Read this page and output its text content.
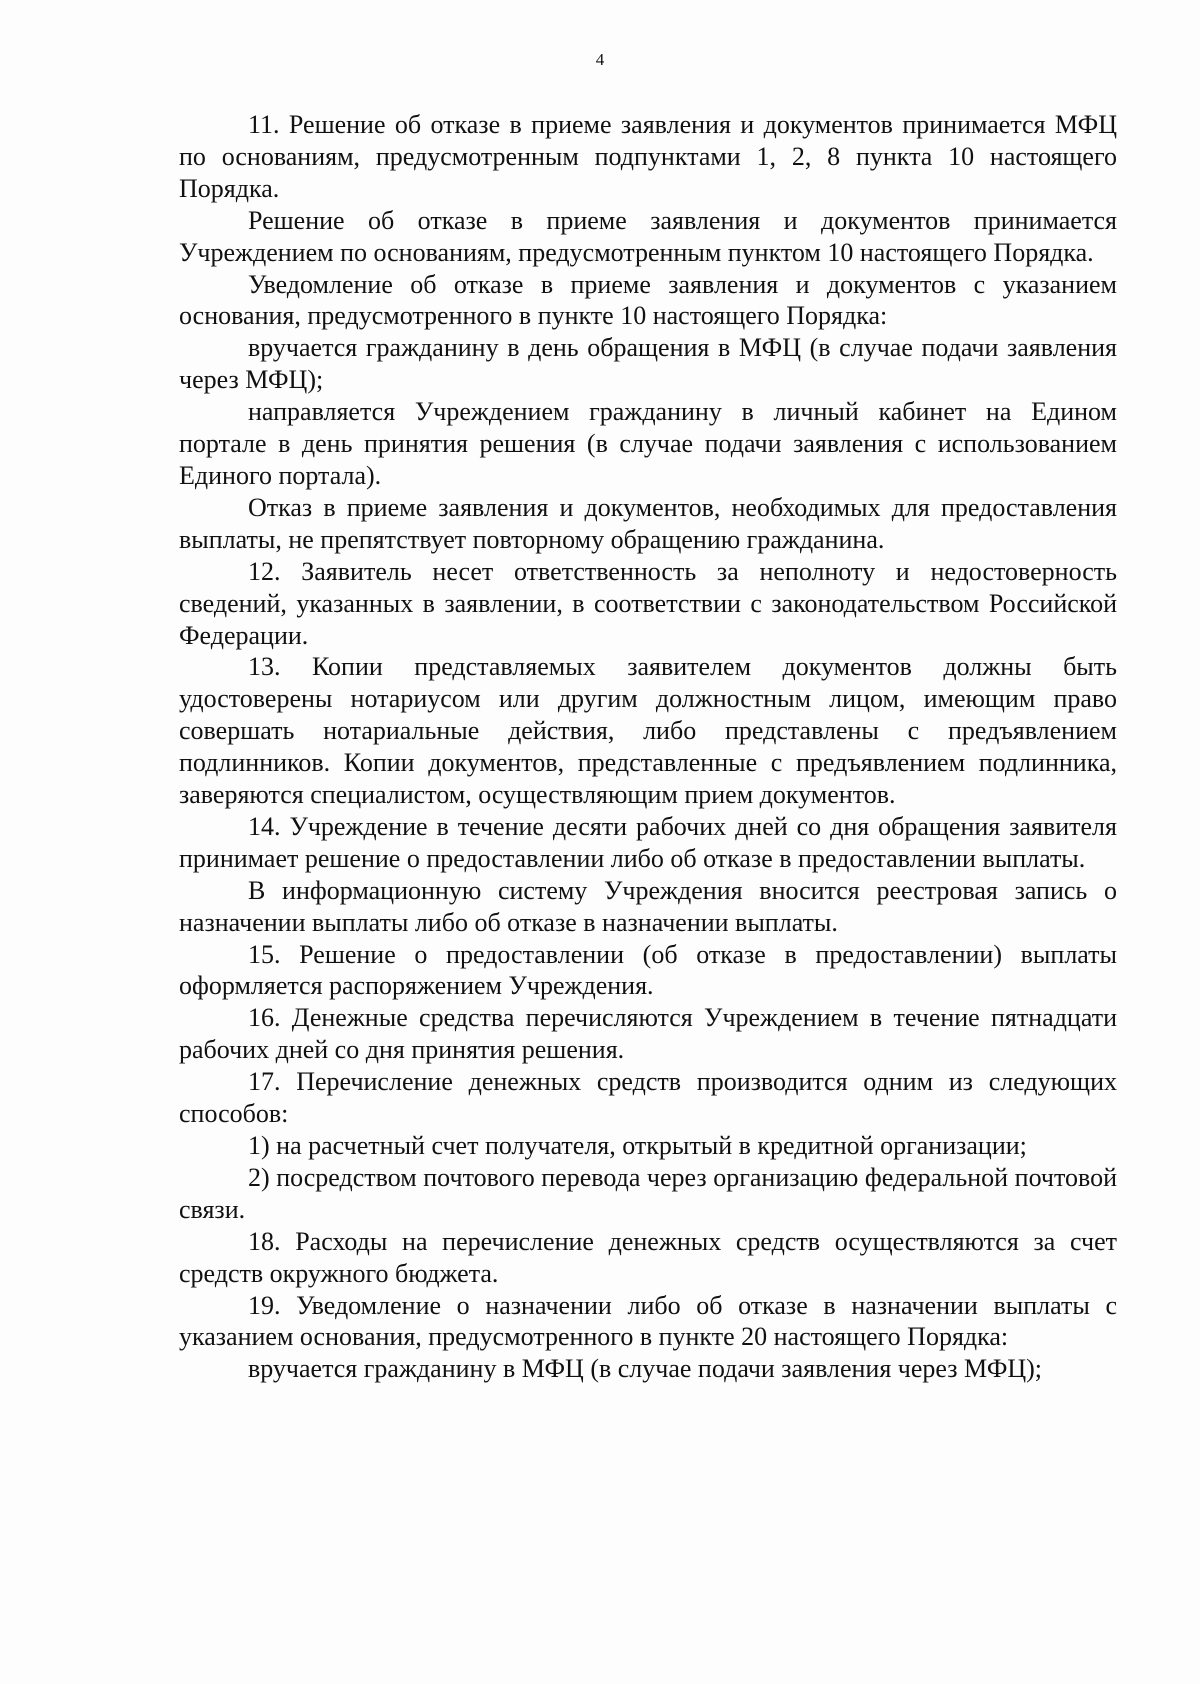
4

11. Решение об отказе в приеме заявления и документов принимается МФЦ по основаниям, предусмотренным подпунктами 1, 2, 8 пункта 10 настоящего Порядка.

Решение об отказе в приеме заявления и документов принимается Учреждением по основаниям, предусмотренным пунктом 10 настоящего Порядка.

Уведомление об отказе в приеме заявления и документов с указанием основания, предусмотренного в пункте 10 настоящего Порядка:

вручается гражданину в день обращения в МФЦ (в случае подачи заявления через МФЦ);

направляется Учреждением гражданину в личный кабинет на Едином портале в день принятия решения (в случае подачи заявления с использованием Единого портала).

Отказ в приеме заявления и документов, необходимых для предоставления выплаты, не препятствует повторному обращению гражданина.

12. Заявитель несет ответственность за неполноту и недостоверность сведений, указанных в заявлении, в соответствии с законодательством Российской Федерации.

13. Копии представляемых заявителем документов должны быть удостоверены нотариусом или другим должностным лицом, имеющим право совершать нотариальные действия, либо представлены с предъявлением подлинников. Копии документов, представленные с предъявлением подлинника, заверяются специалистом, осуществляющим прием документов.

14. Учреждение в течение десяти рабочих дней со дня обращения заявителя принимает решение о предоставлении либо об отказе в предоставлении выплаты.

В информационную систему Учреждения вносится реестровая запись о назначении выплаты либо об отказе в назначении выплаты.

15. Решение о предоставлении (об отказе в предоставлении) выплаты оформляется распоряжением Учреждения.

16. Денежные средства перечисляются Учреждением в течение пятнадцати рабочих дней со дня принятия решения.

17. Перечисление денежных средств производится одним из следующих способов:

1) на расчетный счет получателя, открытый в кредитной организации;

2) посредством почтового перевода через организацию федеральной почтовой связи.

18. Расходы на перечисление денежных средств осуществляются за счет средств окружного бюджета.

19. Уведомление о назначении либо об отказе в назначении выплаты с указанием основания, предусмотренного в пункте 20 настоящего Порядка:

вручается гражданину в МФЦ (в случае подачи заявления через МФЦ);
